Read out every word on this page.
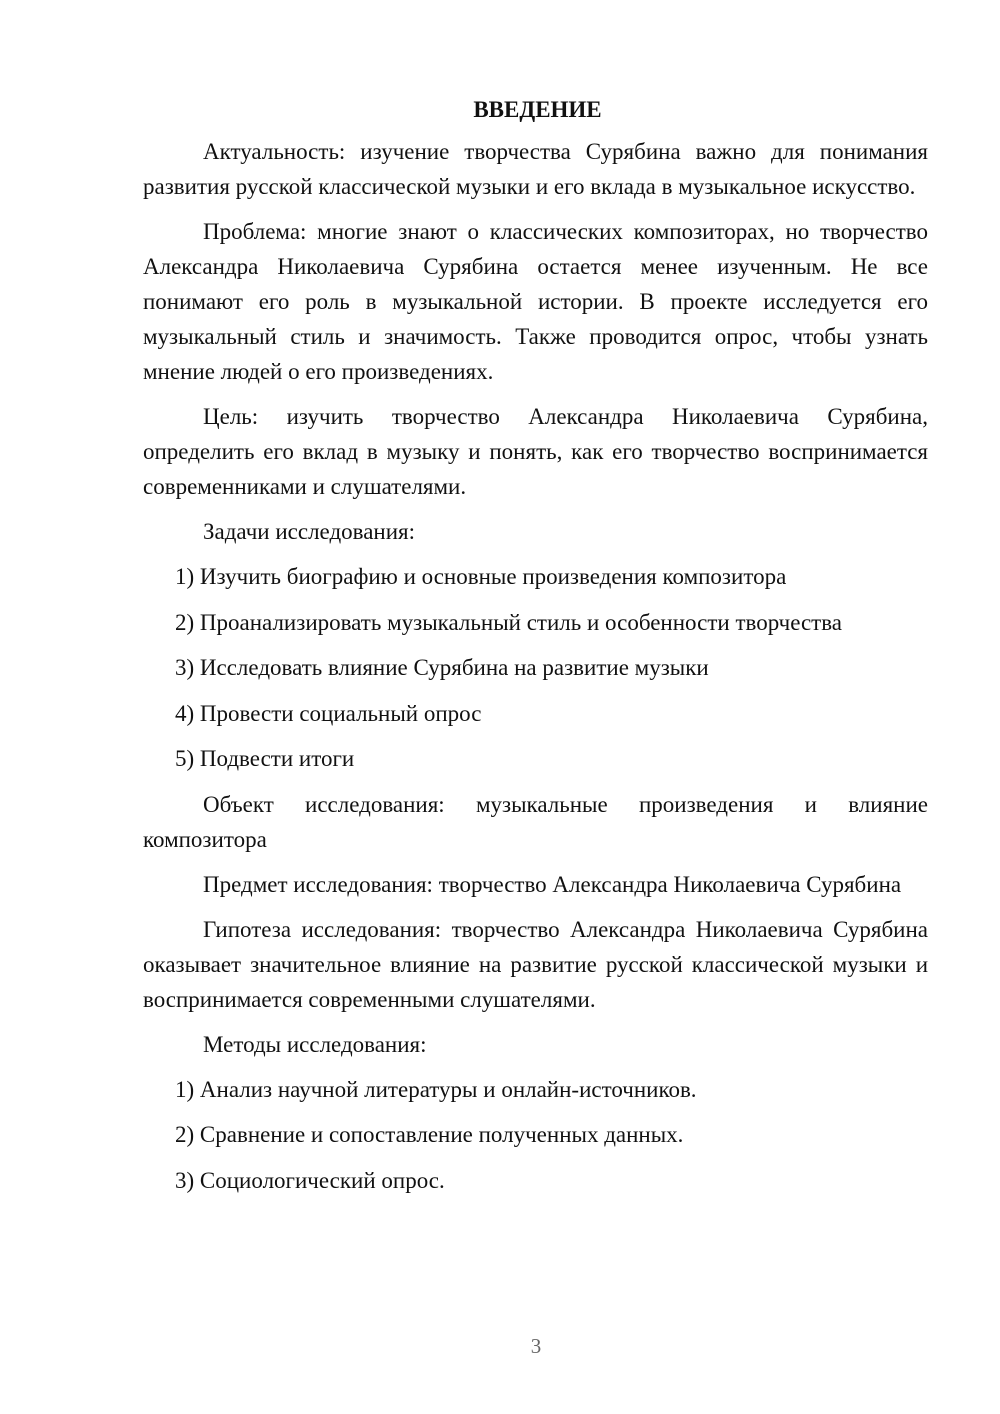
ВВЕДЕНИЕ

Актуальность: изучение творчества Сурябина важно для понимания развития русской классической музыки и его вклада в музыкальное искусство.

Проблема: многие знают о классических композиторах, но творчество Александра Николаевича Сурябина остается менее изученным. Не все понимают его роль в музыкальной истории. В проекте исследуется его музыкальный стиль и значимость. Также проводится опрос, чтобы узнать мнение людей о его произведениях.

Цель: изучить творчество Александра Николаевича Сурябина, определить его вклад в музыку и понять, как его творчество воспринимается современниками и слушателями.

Задачи исследования:

1) Изучить биографию и основные произведения композитора
2) Проанализировать музыкальный стиль и особенности творчества
3) Исследовать влияние Сурябина на развитие музыки
4) Провести социальный опрос
5) Подвести итоги

Объект исследования: музыкальные произведения и влияние композитора

Предмет исследования: творчество Александра Николаевича Сурябина

Гипотеза исследования: творчество Александра Николаевича Сурябина оказывает значительное влияние на развитие русской классической музыки и воспринимается современными слушателями.

Методы исследования:

1) Анализ научной литературы и онлайн-источников.
2) Сравнение и сопоставление полученных данных.
3) Социологический опрос.
3
